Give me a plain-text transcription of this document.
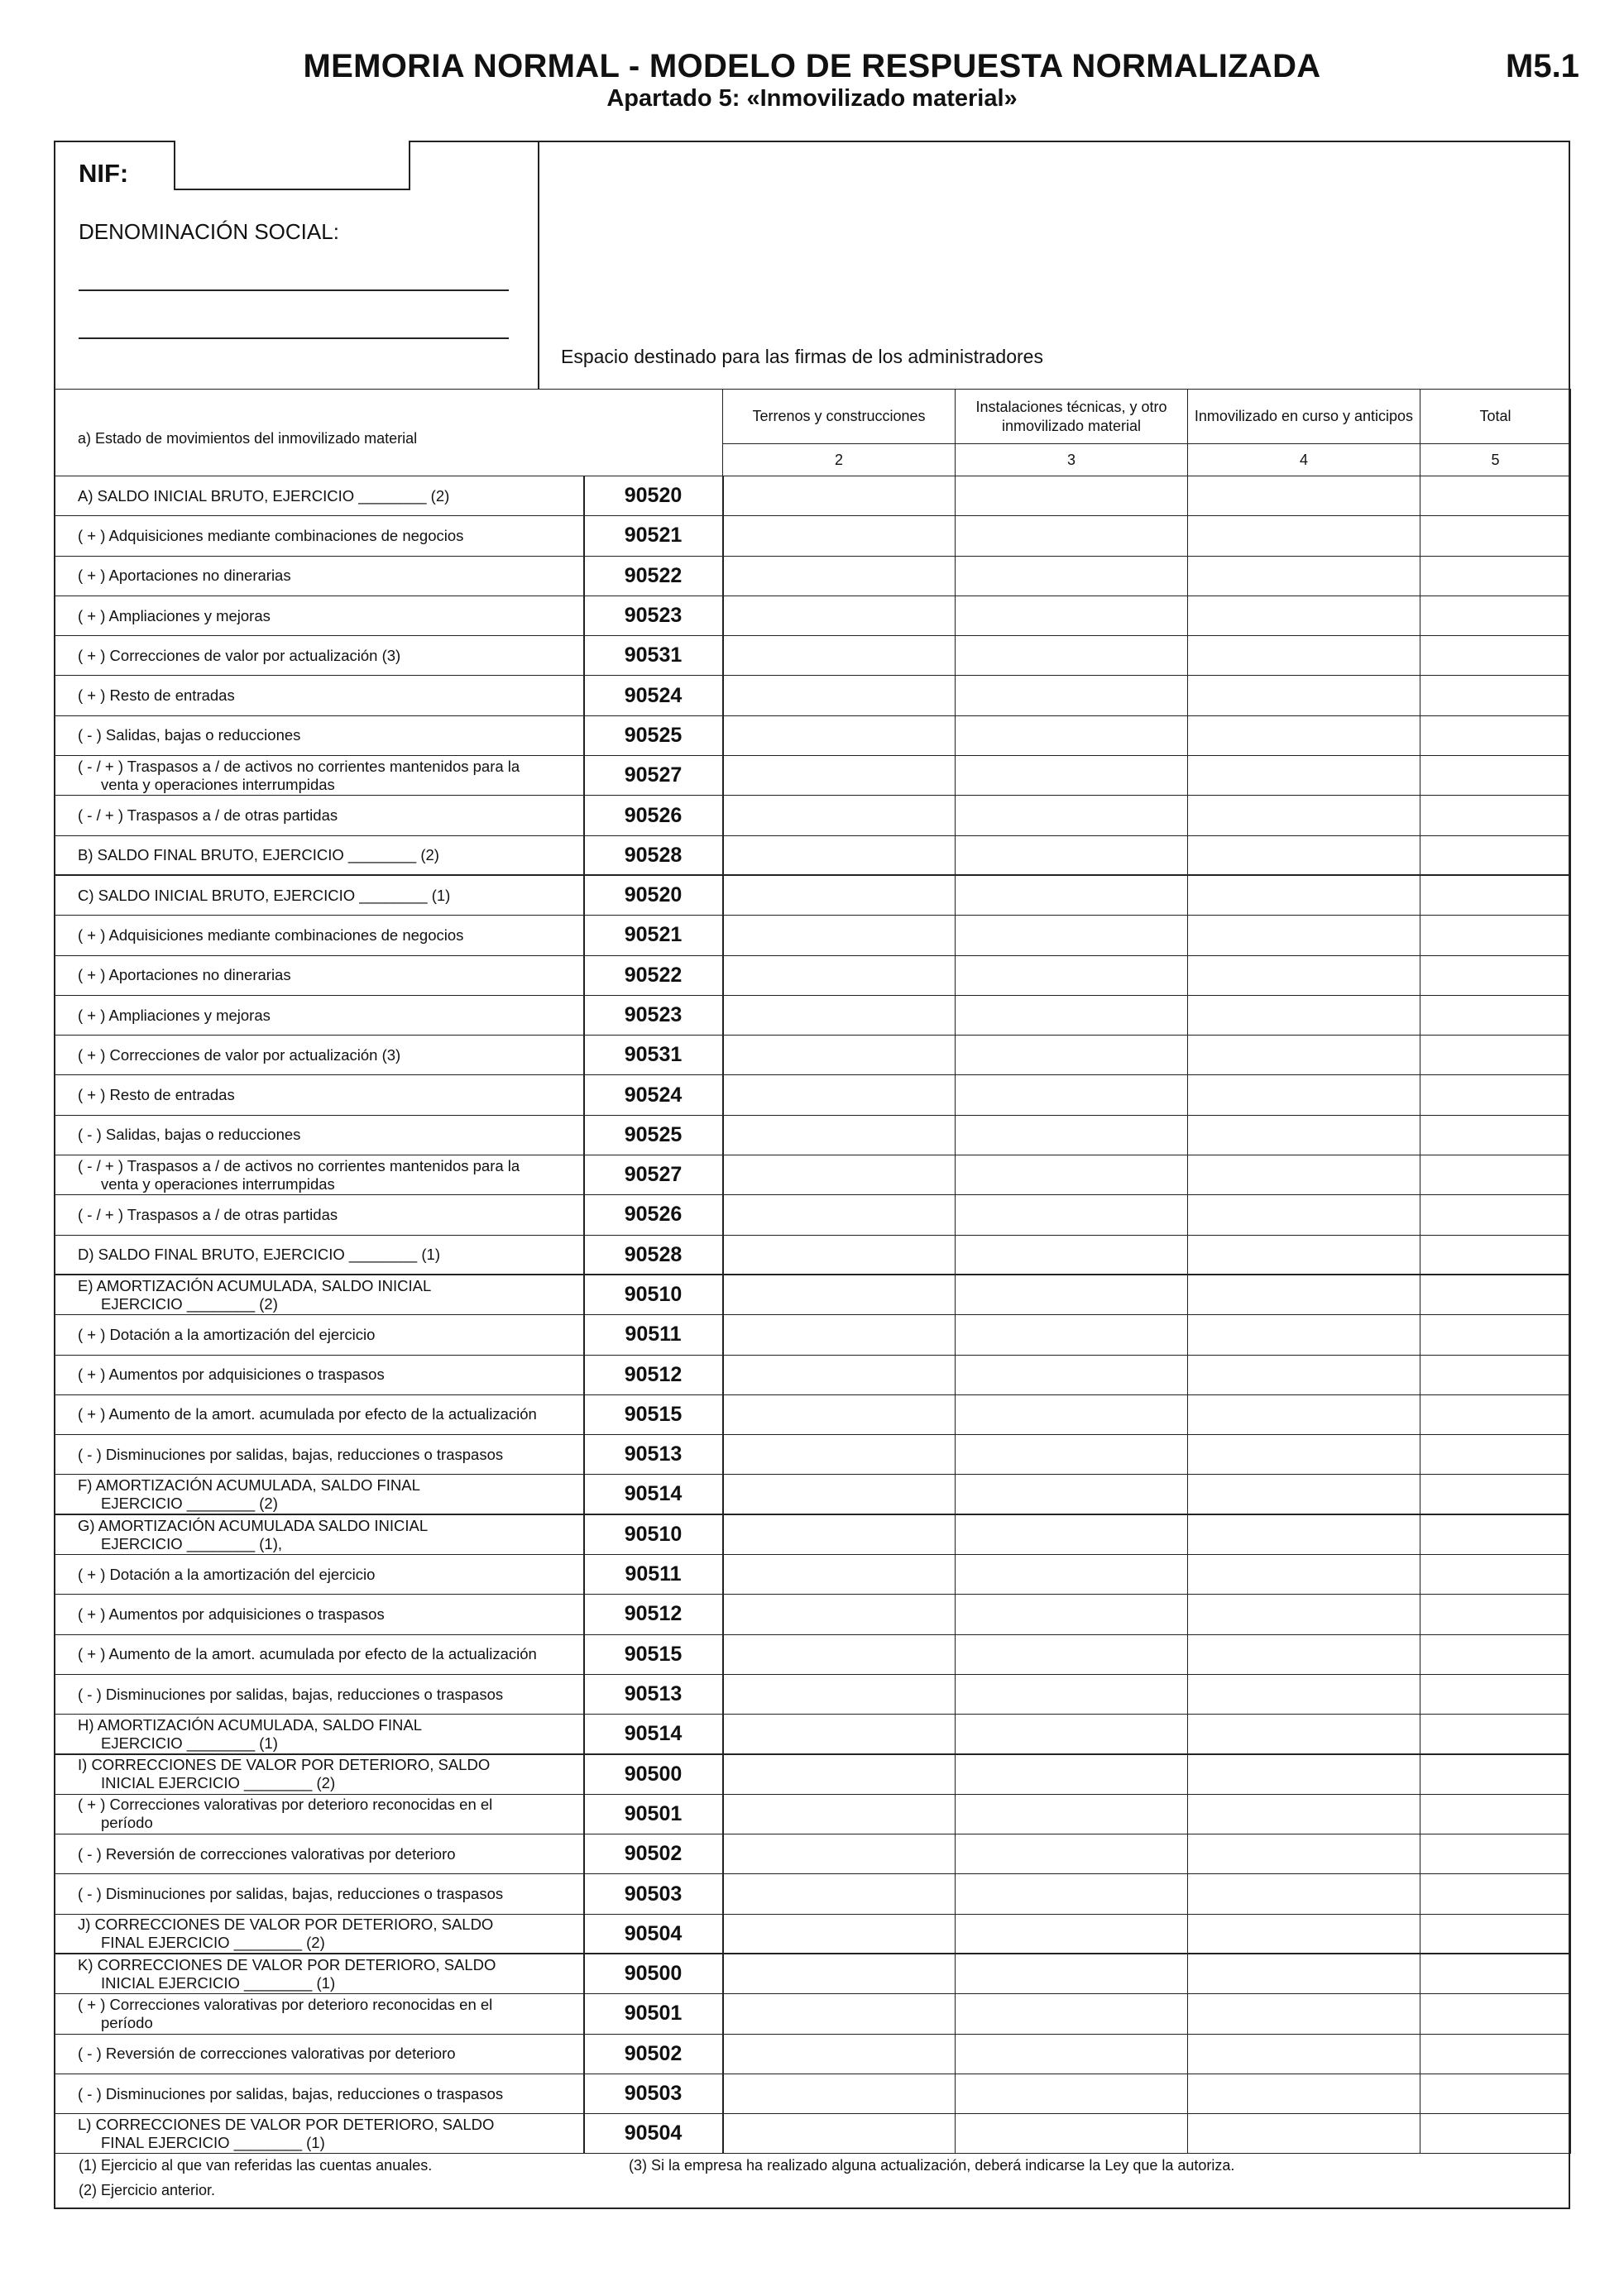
MEMORIA NORMAL - MODELO DE RESPUESTA NORMALIZADA
Apartado 5: «Inmovilizado material»
M5.1
NIF:
DENOMINACIÓN SOCIAL:
Espacio destinado para las firmas de los administradores
a) Estado de movimientos del inmovilizado material		Terrenos y construcciones	Instalaciones técnicas, y otro inmovilizado material	Inmovilizado en curso y anticipos	Total
		2	3	4	5
A) SALDO INICIAL BRUTO, EJERCICIO ________ (2)	90520				
( + ) Adquisiciones mediante combinaciones de negocios	90521				
( + ) Aportaciones no dinerarias	90522				
( + ) Ampliaciones y mejoras	90523				
( + ) Correcciones de valor por actualización (3)	90531				
( + ) Resto de entradas	90524				
( - ) Salidas, bajas o reducciones	90525				
( - / + ) Traspasos a / de activos no corrientes mantenidos para la
venta y operaciones interrumpidas	90527				
( - / + ) Traspasos a / de otras partidas	90526				
B) SALDO FINAL BRUTO, EJERCICIO ________ (2)	90528				
C) SALDO INICIAL BRUTO, EJERCICIO ________ (1)	90520				
( + ) Adquisiciones mediante combinaciones de negocios	90521				
( + ) Aportaciones no dinerarias	90522				
( + ) Ampliaciones y mejoras	90523				
( + ) Correcciones de valor por actualización (3)	90531				
( + ) Resto de entradas	90524				
( - ) Salidas, bajas o reducciones	90525				
( - / + ) Traspasos a / de activos no corrientes mantenidos para la
venta y operaciones interrumpidas	90527				
( - / + ) Traspasos a / de otras partidas	90526				
D) SALDO FINAL BRUTO, EJERCICIO ________ (1)	90528				
E) AMORTIZACIÓN ACUMULADA, SALDO INICIAL
EJERCICIO ________ (2)	90510				
( + ) Dotación a la amortización del ejercicio	90511				
( + ) Aumentos por adquisiciones o traspasos	90512				
( + ) Aumento de la amort. acumulada por efecto de la actualización	90515				
( - ) Disminuciones por salidas, bajas, reducciones o traspasos	90513				
F) AMORTIZACIÓN ACUMULADA, SALDO FINAL
EJERCICIO ________ (2)	90514				
G) AMORTIZACIÓN ACUMULADA SALDO INICIAL
EJERCICIO ________ (1),	90510				
( + ) Dotación a la amortización del ejercicio	90511				
( + ) Aumentos por adquisiciones o traspasos	90512				
( + ) Aumento de la amort. acumulada por efecto de la actualización	90515				
( - ) Disminuciones por salidas, bajas, reducciones o traspasos	90513				
H) AMORTIZACIÓN ACUMULADA, SALDO FINAL
EJERCICIO ________ (1)	90514				
I) CORRECCIONES DE VALOR POR DETERIORO, SALDO
INICIAL EJERCICIO ________ (2)	90500				
( + ) Correcciones valorativas por deterioro reconocidas en el
período	90501				
( - ) Reversión de correcciones valorativas por deterioro	90502				
( - ) Disminuciones por salidas, bajas, reducciones o traspasos	90503				
J) CORRECCIONES DE VALOR POR DETERIORO, SALDO
FINAL EJERCICIO ________ (2)	90504				
K) CORRECCIONES DE VALOR POR DETERIORO, SALDO
INICIAL EJERCICIO ________ (1)	90500				
( + ) Correcciones valorativas por deterioro reconocidas en el
período	90501				
( - ) Reversión de correcciones valorativas por deterioro	90502				
( - ) Disminuciones por salidas, bajas, reducciones o traspasos	90503				
L) CORRECCIONES DE VALOR POR DETERIORO, SALDO
FINAL EJERCICIO ________ (1)	90504				
(1) Ejercicio al que van referidas las cuentas anuales.
(2) Ejercicio anterior.
(3) Si la empresa ha realizado alguna actualización, deberá indicarse la Ley que la autoriza.
